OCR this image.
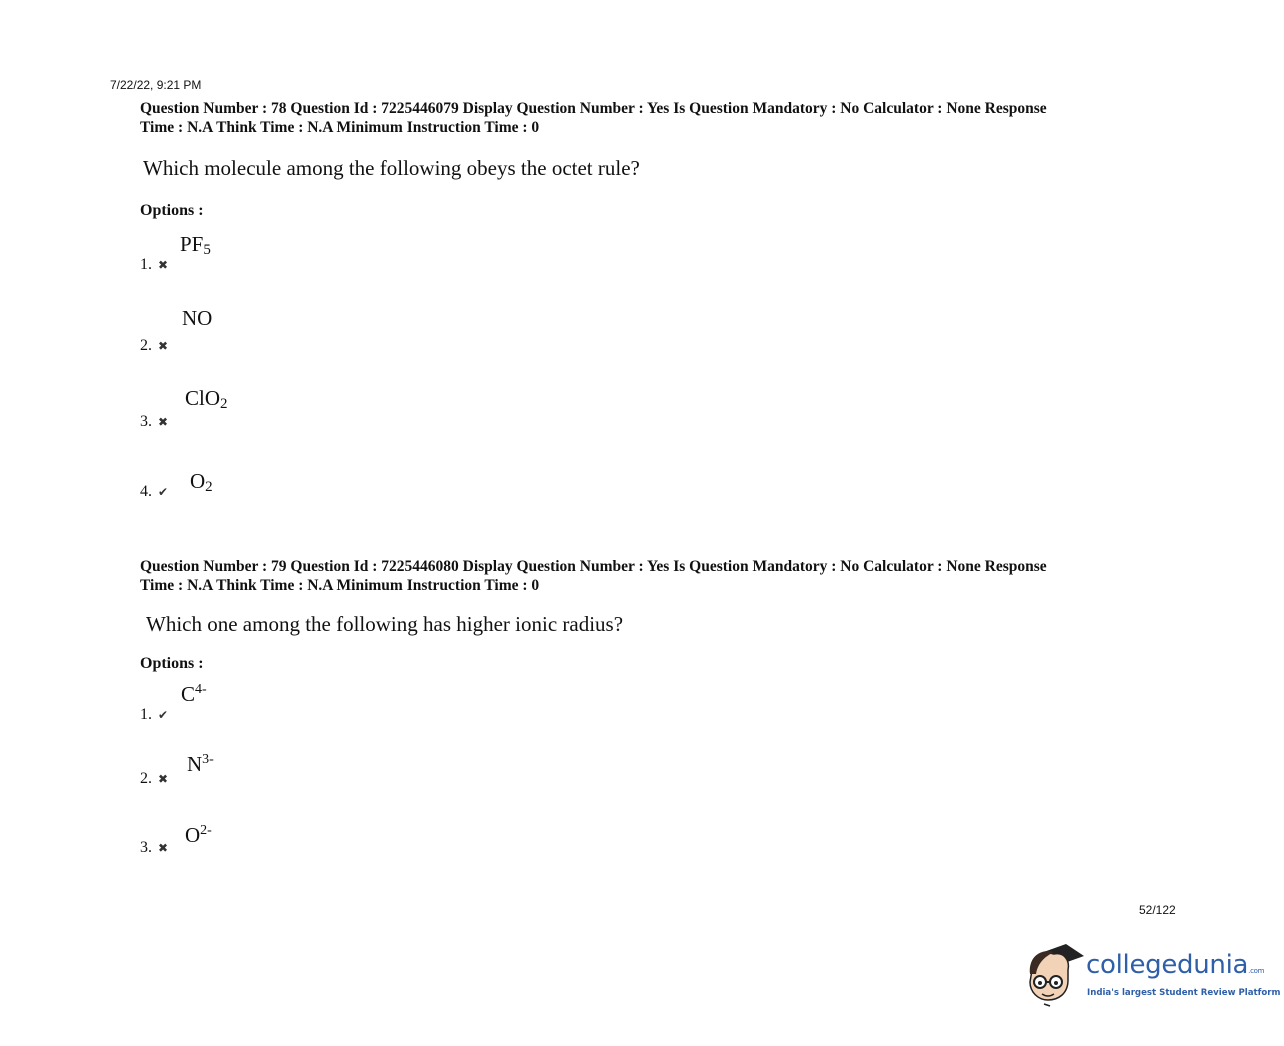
7/22/22, 9:21 PM
Question Number : 78 Question Id : 7225446079 Display Question Number : Yes Is Question Mandatory : No Calculator : None Response
Time : N.A Think Time : N.A Minimum Instruction Time : 0
Which molecule among the following obeys the octet rule?
Options :
1. ✖
$PF_5$
2. ✖
NO
3. ✖
ClO$_2$
4. ✔ $O_2$
Question Number : 79 Question Id : 7225446080 Display Question Number : Yes Is Question Mandatory : No Calculator : None Response
Time : N.A Think Time : N.A Minimum Instruction Time : 0
Which one among the following has higher ionic radius?
Options :
1. ✔
$C^{4-}$
2. ✖
$N^{3-}$
3. ✖
$O^{2-}$
52/122
collegedunia.com
India's largest Student Review Platform
